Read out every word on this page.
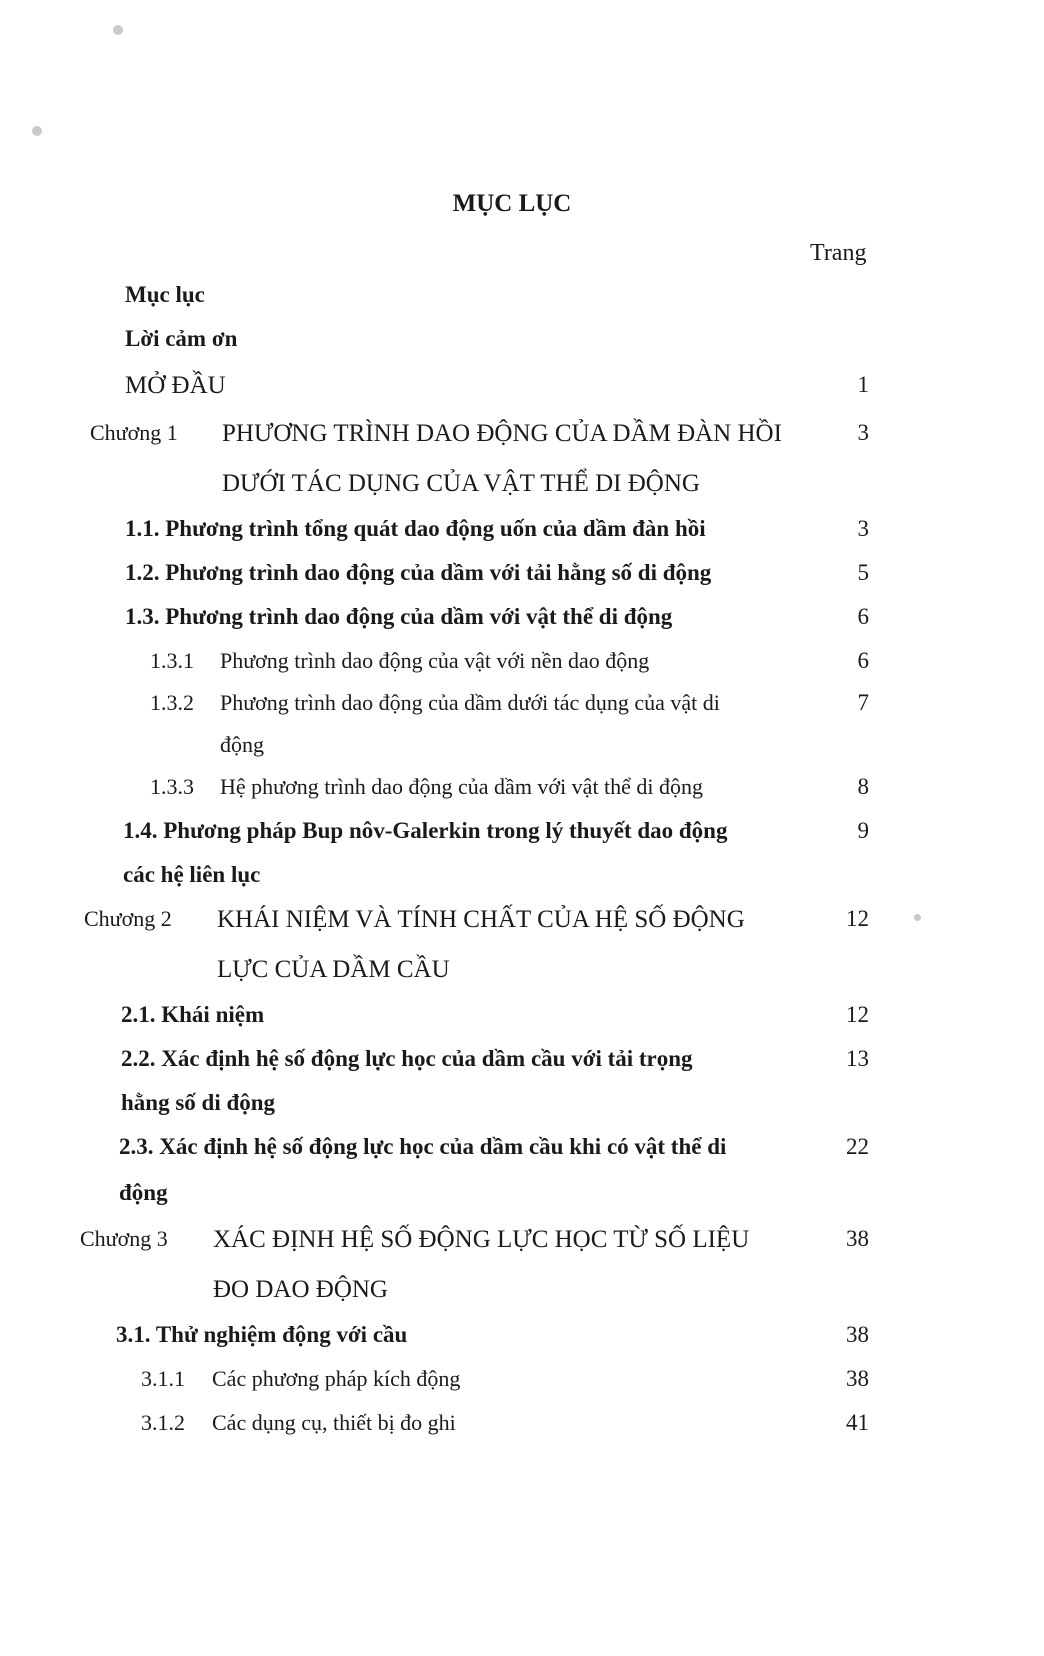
MỤC LỤC
Trang
Mục lục
Lời cảm ơn
MỞ ĐẦU	1
Chương 1 PHƯƠNG TRÌNH DAO ĐỘNG CỦA DẦM ĐÀN HỒI	3
DƯỚI TÁC DỤNG CỦA VẬT THỂ DI ĐỘNG
1.1. Phương trình tổng quát dao động uốn của dầm đàn hồi	3
1.2. Phương trình dao động của dầm với tải hằng số di động	5
1.3. Phương trình dao động của dầm với vật thể di động	6
1.3.1 Phương trình dao động của vật với nền dao động	6
1.3.2 Phương trình dao động của dầm dưới tác dụng của vật di	7
động
1.3.3 Hệ phương trình dao động của dầm với vật thể di động	8
1.4. Phương pháp Bup nôv-Galerkin trong lý thuyết dao động	9
các hệ liên lục
Chương 2 KHÁI NIỆM VÀ TÍNH CHẤT CỦA HỆ SỐ ĐỘNG	12
LỰC CỦA DẦM CẦU
2.1. Khái niệm	12
2.2. Xác định hệ số động lực học của dầm cầu với tải trọng	13
hằng số di động
2.3. Xác định hệ số động lực học của dầm cầu khi có vật thể di	22
động
Chương 3 XÁC ĐỊNH HỆ SỐ ĐỘNG LỰC HỌC TỪ SỐ LIỆU	38
ĐO DAO ĐỘNG
3.1. Thử nghiệm động với cầu	38
3.1.1 Các phương pháp kích động	38
3.1.2 Các dụng cụ, thiết bị đo ghi	41
